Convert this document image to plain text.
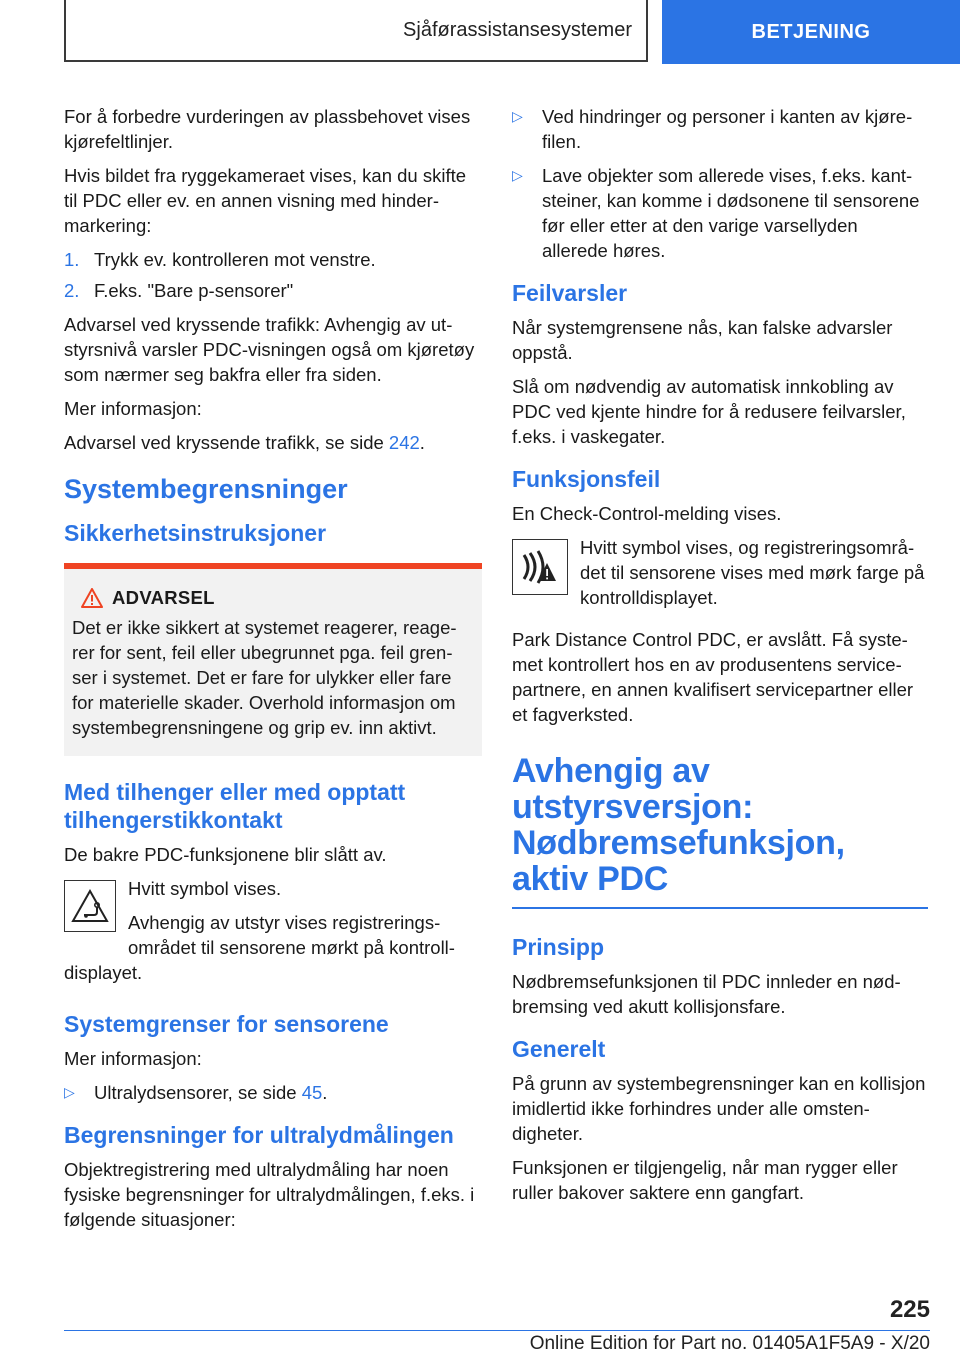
Sjåførassistansesystemer	BETJENING

For å forbedre vurderingen av plassbehovet vises kjørefeltlinjer.

Hvis bildet fra ryggekameraet vises, kan du skifte til PDC eller ev. en annen visning med hindermarkering:

1. Trykk ev. kontrolleren mot venstre.
2. F.eks. "Bare p-sensorer"

Advarsel ved kryssende trafikk: Avhengig av utstyrsnivå varsler PDC-visningen også om kjøretøy som nærmer seg bakfra eller fra siden.

Mer informasjon:

Advarsel ved kryssende trafikk, se side 242.

Systembegrensninger
Sikkerhetsinstruksjoner
ADVARSEL

Det er ikke sikkert at systemet reagerer, reagerer for sent, feil eller ubegrunnet pga. feil grenser i systemet. Det er fare for ulykker eller fare for materielle skader. Overhold informasjon om systembegrensningene og grip ev. inn aktivt.

Med tilhenger eller med opptatt tilhengerstikkontakt

De bakre PDC-funksjonene blir slått av.

Hvitt symbol vises.

Avhengig av utstyr vises registreringsområdet til sensorene mørkt på kontrolldisplayet.

Systemgrenser for sensorene

Mer informasjon:

▷	Ultralydsensorer, se side 45.
Begrensninger for ultralydmålingen

Objektregistrering med ultralydmåling har noen fysiske begrensninger for ultralydmålingen, f.eks. i følgende situasjoner:

▷	Ved hindringer og personer i kanten av kjørefilen.
▷	Lave objekter som allerede vises, f.eks. kantsteiner, kan komme i dødsonene til sensorene før eller etter at den varige varsellyden allerede høres.
Feilvarsler

Når systemgrensene nås, kan falske advarsler oppstå.

Slå om nødvendig av automatisk innkobling av PDC ved kjente hindre for å redusere feilvarsler, f.eks. i vaskegater.

Funksjonsfeil

En Check-Control-melding vises.

Hvitt symbol vises, og registreringsområdet til sensorene vises med mørk farge på kontrolldisplayet.

Park Distance Control PDC, er avslått. Få systemet kontrollert hos en av produsentens servicepartnere, en annen kvalifisert servicepartner eller et fagverksted.

Avhengig av utstyrsversjon: Nødbremsefunksjon, aktiv PDC
Prinsipp

Nødbremsefunksjonen til PDC innleder en nødbremsing ved akutt kollisjonsfare.

Generelt

På grunn av systembegrensninger kan en kollisjon imidlertid ikke forhindres under alle omstendigheter.

Funksjonen er tilgjengelig, når man rygger eller ruller bakover saktere enn gangfart.

225
Online Edition for Part no. 01405A1F5A9 - X/20
